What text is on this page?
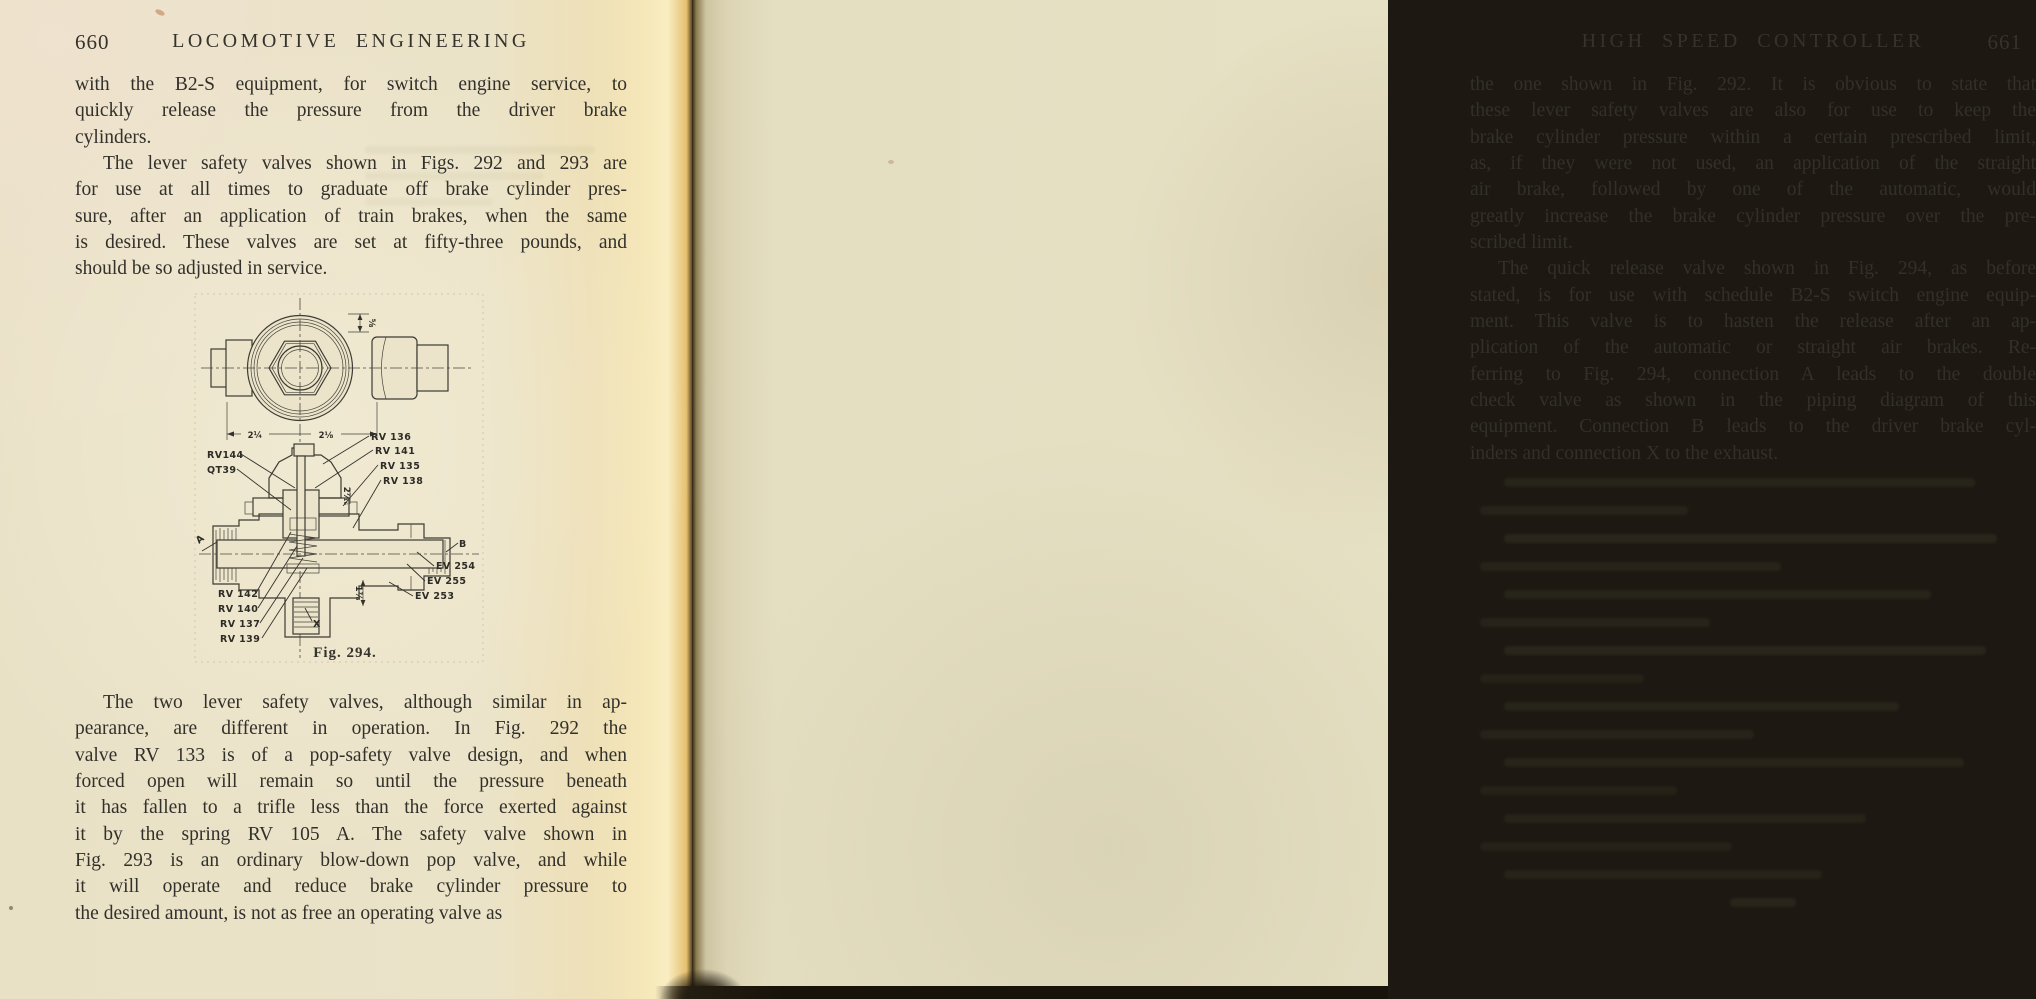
660	LOCOMOTIVE ENGINEERING
with the B2-S equipment, for switch engine service, to
quickly release the pressure from the driver brake
cylinders.
The lever safety valves shown in Figs. 292 and 293 are
for use at all times to graduate off brake cylinder pres-
sure, after an application of train brakes, when the same
is desired. These valves are set at fifty-three pounds, and
should be so adjusted in service.
2¼	2⅛
⅝
2⁷⁄₁₆
1⅞
RV144
QT39
RV 136
RV 141
RV 135
RV 138
RV 142
RV 140
RV 137
RV 139
EV 254
EV 255
EV 253
B
X
A
Fig. 294.
The two lever safety valves, although similar in ap-
pearance, are different in operation. In Fig. 292 the
valve RV 133 is of a pop-safety valve design, and when
forced open will remain so until the pressure beneath
it has fallen to a trifle less than the force exerted against
it by the spring RV 105 A. The safety valve shown in
Fig. 293 is an ordinary blow-down pop valve, and while
it will operate and reduce brake cylinder pressure to
the desired amount, is not as free an operating valve as
HIGH SPEED CONTROLLER	661
the one shown in Fig. 292. It is obvious to state that
these lever safety valves are also for use to keep the
brake cylinder pressure within a certain prescribed limit,
as, if they were not used, an application of the straight
air brake, followed by one of the automatic, would
greatly increase the brake cylinder pressure over the pre-
scribed limit.
The quick release valve shown in Fig. 294, as before
stated, is for use with schedule B2-S switch engine equip-
ment. This valve is to hasten the release after an ap-
plication of the automatic or straight air brakes. Re-
ferring to Fig. 294, connection A leads to the double
check valve as shown in the piping diagram of this
equipment. Connection B leads to the driver brake cyl-
inders and connection X to the exhaust.
